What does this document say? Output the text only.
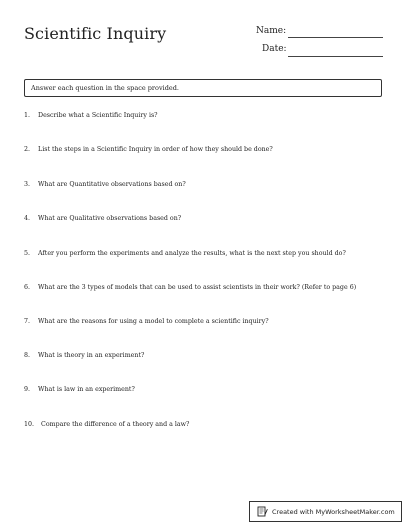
Scientific Inquiry	Name:
Date:
Answer each question in the space provided.
1. Describe what a Scientific Inquiry is?
2. List the steps in a Scientific Inquiry in order of how they should be done?
3. What are Quantitative observations based on?
4. What are Qualitative observations based on?
5. After you perform the experiments and analyze the results, what is the next step you should do?
6. What are the 3 types of models that can be used to assist scientists in their work? (Refer to page 6)
7. What are the reasons for using a model to complete a scientific inquiry?
8. What is theory in an experiment?
9. What is law in an experiment?
10. Compare the difference of a theory and a law?
Created with MyWorksheetMaker.com
